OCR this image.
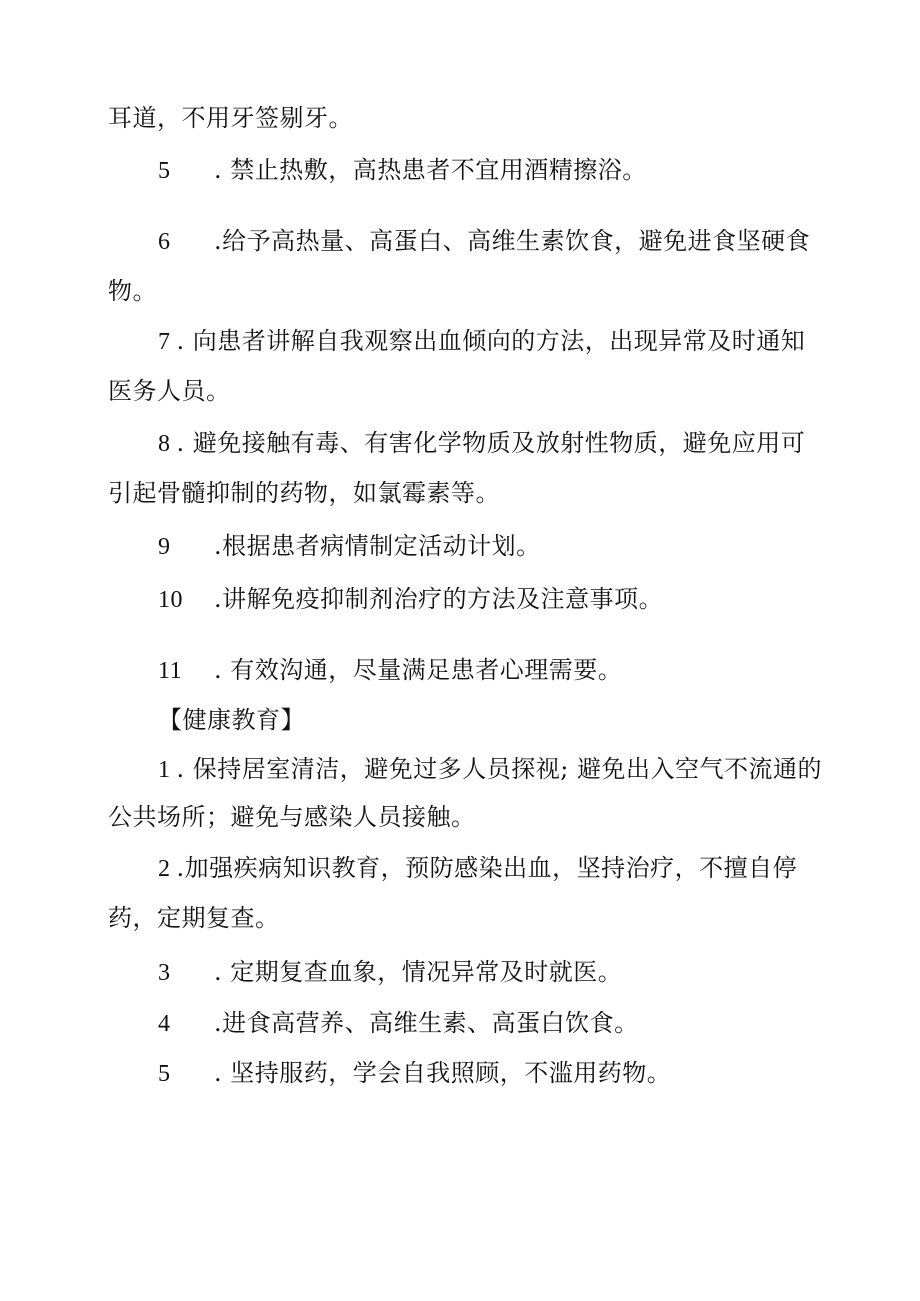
耳道，不用牙签剔牙。
5 . 禁止热敷，高热患者不宜用酒精擦浴。
6 .给予高热量、高蛋白、高维生素饮食，避免进食坚硬食
物。
7 . 向患者讲解自我观察出血倾向的方法，出现异常及时通知
医务人员。
8 . 避免接触有毒、有害化学物质及放射性物质，避免应用可
引起骨髓抑制的药物，如氯霉素等。
9 .根据患者病情制定活动计划。
10 .讲解免疫抑制剂治疗的方法及注意事项。
11 . 有效沟通，尽量满足患者心理需要。
【健康教育】
1 . 保持居室清洁，避免过多人员探视; 避免出入空气不流通的
公共场所；避免与感染人员接触。
2 .加强疾病知识教育，预防感染出血，坚持治疗，不擅自停
药，定期复查。
3 . 定期复查血象，情况异常及时就医。
4 .进食高营养、高维生素、高蛋白饮食。
5 . 坚持服药，学会自我照顾，不滥用药物。
